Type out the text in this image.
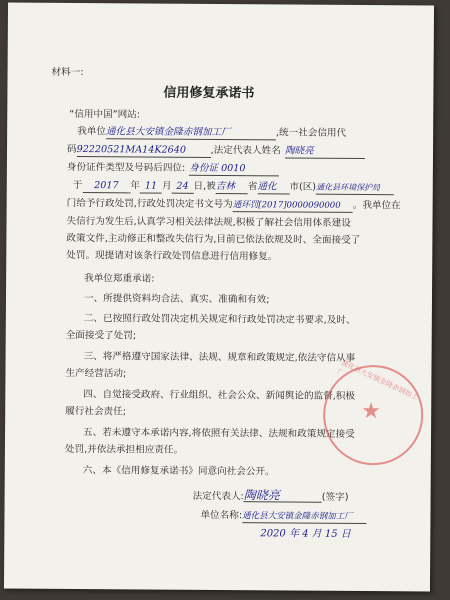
材料一:
信用修复承诺书
“信用中国”网站:
我单位通化县大安镇金隆赤钢加工厂	,统一社会信用代
码92220521MA14K2640	,法定代表人姓名 陶晓亮
身份证件类型及号码后四位: 身份证 0010
于 2017 年 11 月 24 日,被吉林 省通化 市(区)通化县环境保护局
门给予行政处罚,行政处罚决定书文号为通环罚[2017]0000090000 。我单位在
失信行为发生后,认真学习相关法律法规,积极了解社会信用体系建设
政策文件,主动修正和整改失信行为,目前已依法依规及时、全面接受了
处罚。现提请对该条行政处罚信息进行信用修复。
我单位郑重承诺:
一、所提供资料均合法、真实、准确和有效;
二、已按照行政处罚决定机关规定和行政处罚决定书要求,及时、
全面接受了处罚;
三、将严格遵守国家法律、法规、规章和政策规定,依法守信从事
生产经营活动;
四、自觉接受政府、行业组织、社会公众、新闻舆论的监督,积极
履行社会责任;
五、若未遵守本承诺内容,将依照有关法律、法规和政策规定接受
处罚,并依法承担相应责任。
六、本《信用修复承诺书》同意向社会公开。
通化县大安镇金隆赤钢加工厂
★
法定代表人:陶晓亮	(签字)
单位名称:通化县大安镇金隆赤钢加工厂
2020 年 4 月 15 日
